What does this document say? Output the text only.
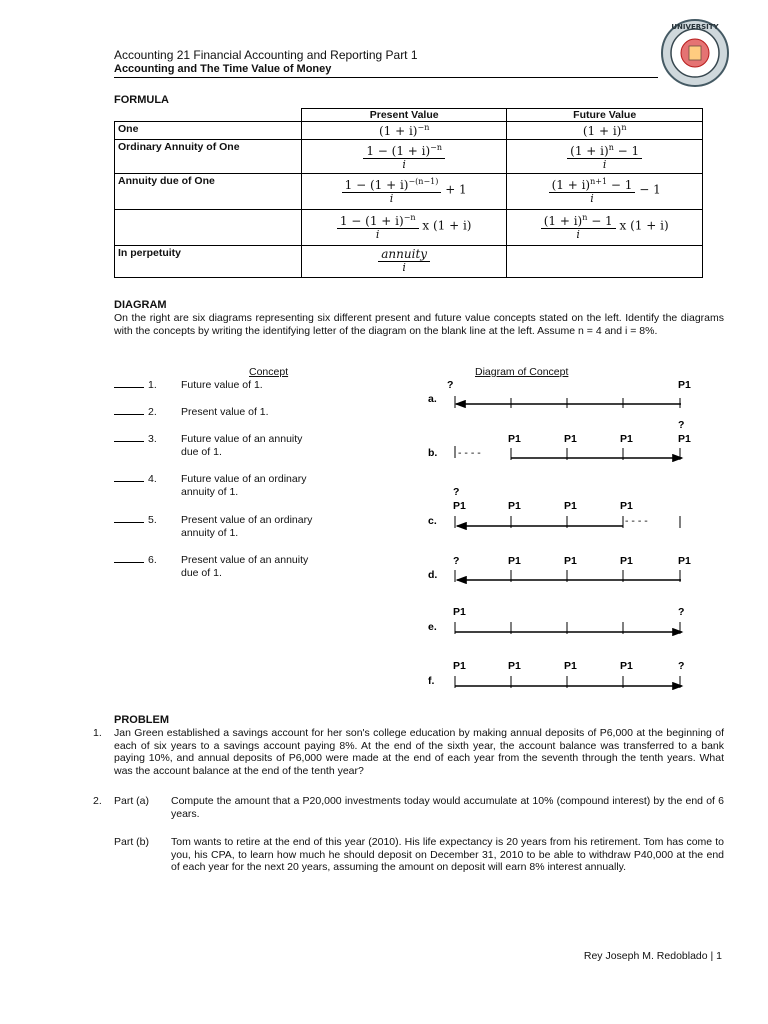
Accounting 21 Financial Accounting and Reporting Part 1
Accounting and The Time Value of Money
UNIVERSITY
FORMULA
	Present Value	Future Value
One	$(1 + i)^{-n}$	$(1 + i)^n$
Ordinary Annuity of One	$\frac{1 - (1 + i)^{-n}}{i}$	$\frac{(1 + i)^n - 1}{i}$

Annuity due of One	$\frac{1 - (1 + i)^{-(n-1)}}{i} + 1$	$\frac{(1 + i)^{n+1} - 1}{i} - 1$

	$\frac{1 - (1 + i)^{-n}}{i}$ x (1 + i)	$\frac{(1 + i)^n - 1}{i}$ x (1 + i)
In perpetuity	$\frac{\text{annuity}}{i}$

DIAGRAM
On the right are six diagrams representing six different present and future value concepts stated on the left. Identify the diagrams with the concepts by writing the identifying letter of the diagram on the blank line at the left. Assume n = 4 and i = 8%.
Concept	Diagram of Concept
1. Future value of 1.
2. Present value of 1.
3. Future value of an annuity
due of 1.
4. Future value of an ordinary
annuity of 1.
5. Present value of an ordinary
annuity of 1.
6. Present value of an annuity
due of 1.
a.
?	P1
?
b.
P1	P1	P1	P1
- - - -
?
c.
P1	P1	P1	P1
- - - -
?
d.
P1	P1	P1	P1
P1	?
e.
P1	P1	P1	P1	?
f.
PROBLEM
1. Jan Green established a savings account for her son's college education by making annual deposits of P6,000 at the beginning of each of six years to a savings account paying 8%. At the end of the sixth year, the account balance was transferred to a bank paying 10%, and annual deposits of P6,000 were made at the end of each year from the seventh through the tenth years. What was the account balance at the end of the tenth year?
2. Part (a) Compute the amount that a P20,000 investments today would accumulate at 10% (compound interest) by the end of 6 years.
Part (b) Tom wants to retire at the end of this year (2010). His life expectancy is 20 years from his retirement. Tom has come to you, his CPA, to learn how much he should deposit on December 31, 2010 to be able to withdraw P40,000 at the end of each year for the next 20 years, assuming the amount on deposit will earn 8% interest annually.
Rey Joseph M. Redoblado | 1
